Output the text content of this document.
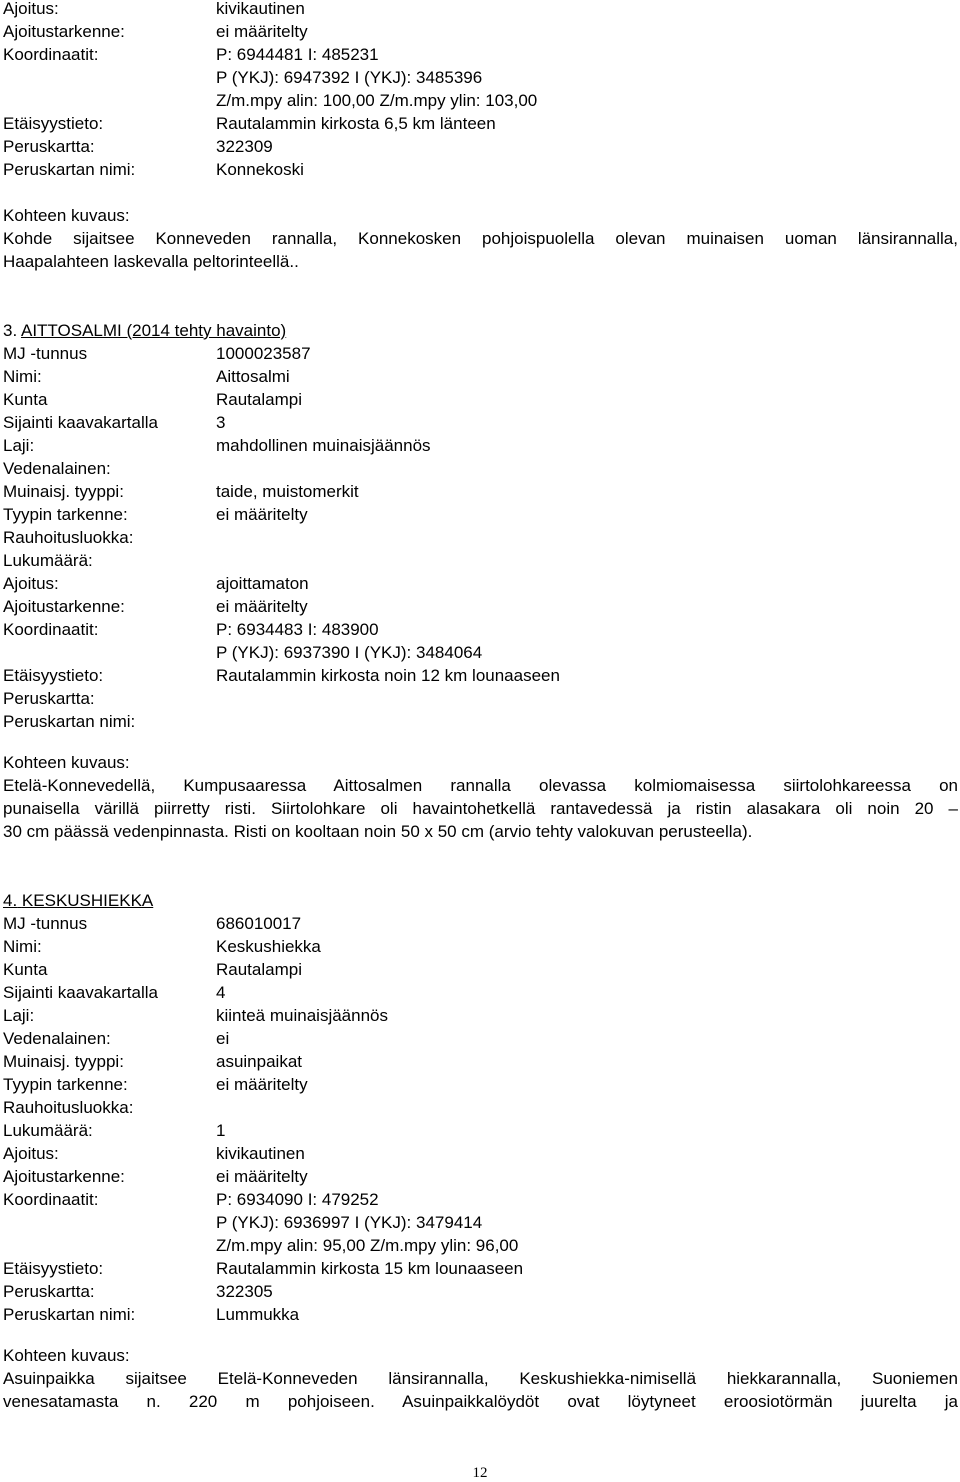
Ajoitus:	kivikautinen
Ajoitustarkenne:	ei määritelty
Koordinaatit:	P: 6944481 I: 485231
P (YKJ): 6947392 I (YKJ): 3485396
Z/m.mpy alin: 100,00 Z/m.mpy ylin: 103,00
Etäisyystieto:	Rautalammin kirkosta 6,5 km länteen
Peruskartta:	322309
Peruskartan nimi:	Konnekoski
Kohteen kuvaus:
Kohde sijaitsee Konneveden rannalla, Konnekosken pohjoispuolella olevan muinaisen uoman länsirannalla,
Haapalahteen laskevalla peltorinteellä..
3. AITTOSALMI (2014 tehty havainto)
MJ -tunnus	1000023587
Nimi:	Aittosalmi
Kunta	Rautalampi
Sijainti kaavakartalla	3
Laji:	mahdollinen muinaisjäännös
Vedenalainen:
Muinaisj. tyyppi:	taide, muistomerkit
Tyypin tarkenne:	ei määritelty
Rauhoitusluokka:
Lukumäärä:
Ajoitus:	ajoittamaton
Ajoitustarkenne:	ei määritelty
Koordinaatit:	P: 6934483 I: 483900
P (YKJ): 6937390 I (YKJ): 3484064
Etäisyystieto:	Rautalammin kirkosta noin 12 km lounaaseen
Peruskartta:
Peruskartan nimi:
Kohteen kuvaus:
Etelä-Konnevedellä, Kumpusaaressa Aittosalmen rannalla olevassa kolmiomaisessa siirtolohkareessa on
punaisella värillä piirretty risti. Siirtolohkare oli havaintohetkellä rantavedessä ja ristin alasakara oli noin 20 –
30 cm päässä vedenpinnasta. Risti on kooltaan noin 50 x 50 cm (arvio tehty valokuvan perusteella).
4. KESKUSHIEKKA
MJ -tunnus	686010017
Nimi:	Keskushiekka
Kunta	Rautalampi
Sijainti kaavakartalla	4
Laji:	kiinteä muinaisjäännös
Vedenalainen:	ei
Muinaisj. tyyppi:	asuinpaikat
Tyypin tarkenne:	ei määritelty
Rauhoitusluokka:
Lukumäärä:	1
Ajoitus:	kivikautinen
Ajoitustarkenne:	ei määritelty
Koordinaatit:	P: 6934090 I: 479252
P (YKJ): 6936997 I (YKJ): 3479414
Z/m.mpy alin: 95,00 Z/m.mpy ylin: 96,00
Etäisyystieto:	Rautalammin kirkosta 15 km lounaaseen
Peruskartta:	322305
Peruskartan nimi:	Lummukka
Kohteen kuvaus:
Asuinpaikka sijaitsee Etelä-Konneveden länsirannalla, Keskushiekka-nimisellä hiekkarannalla, Suoniemen
venesatamasta n. 220 m pohjoiseen. Asuinpaikkalöydöt ovat löytyneet eroosiotörmän juurelta ja
12
